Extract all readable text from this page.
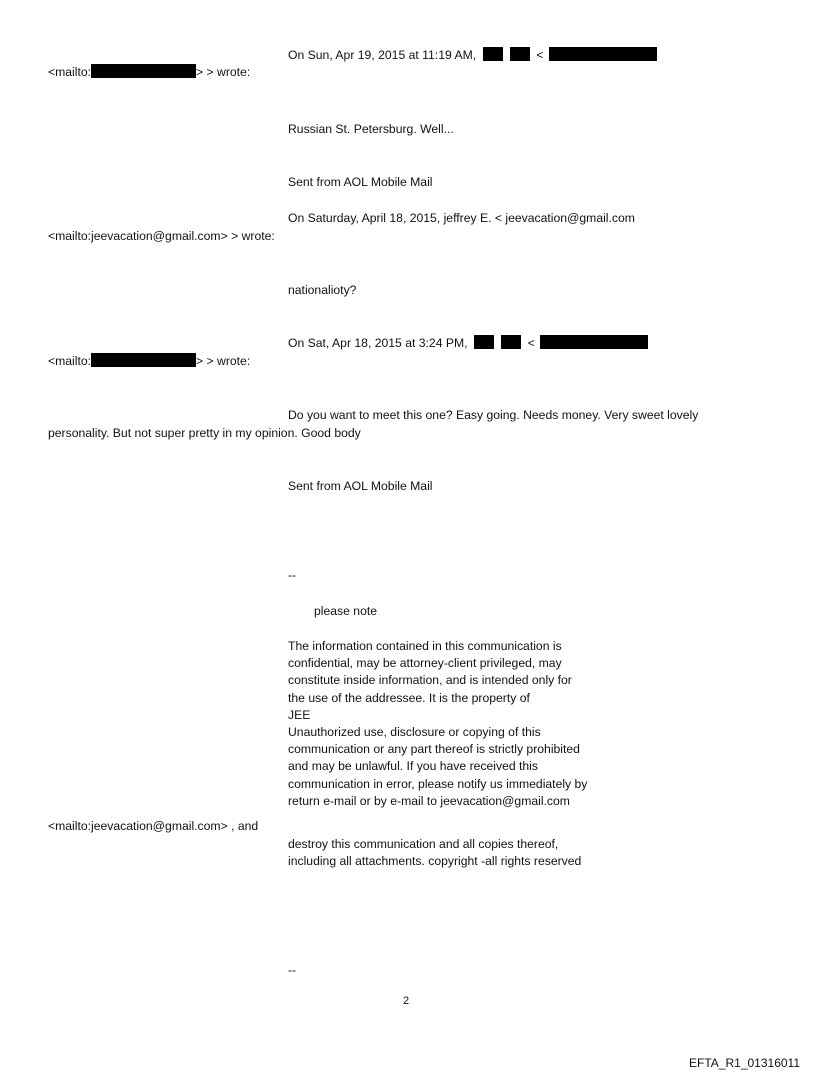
On Sun, Apr 19, 2015 at 11:19 AM,	<
<mailto:	> > wrote:
Russian St. Petersburg. Well...
Sent from AOL Mobile Mail
On Saturday, April 18, 2015, jeffrey E. < jeevacation@gmail.com
<mailto:jeevacation@gmail.com> > wrote:
nationalioty?
On Sat, Apr 18, 2015 at 3:24 PM,	<
<mailto:	> > wrote:
Do you want to meet this one? Easy going. Needs money. Very sweet lovely
personality. But not super pretty in my opinion. Good body
Sent from AOL Mobile Mail
--
please note
The information contained in this communication is
confidential, may be attorney-client privileged, may
constitute inside information, and is intended only for
the use of the addressee. It is the property of
JEE
Unauthorized use, disclosure or copying of this
communication or any part thereof is strictly prohibited
and may be unlawful. If you have received this
communication in error, please notify us immediately by
return e-mail or by e-mail to jeevacation@gmail.com
<mailto:jeevacation@gmail.com> , and
destroy this communication and all copies thereof,
including all attachments. copyright -all rights reserved
--
2
EFTA_R1_01316011
